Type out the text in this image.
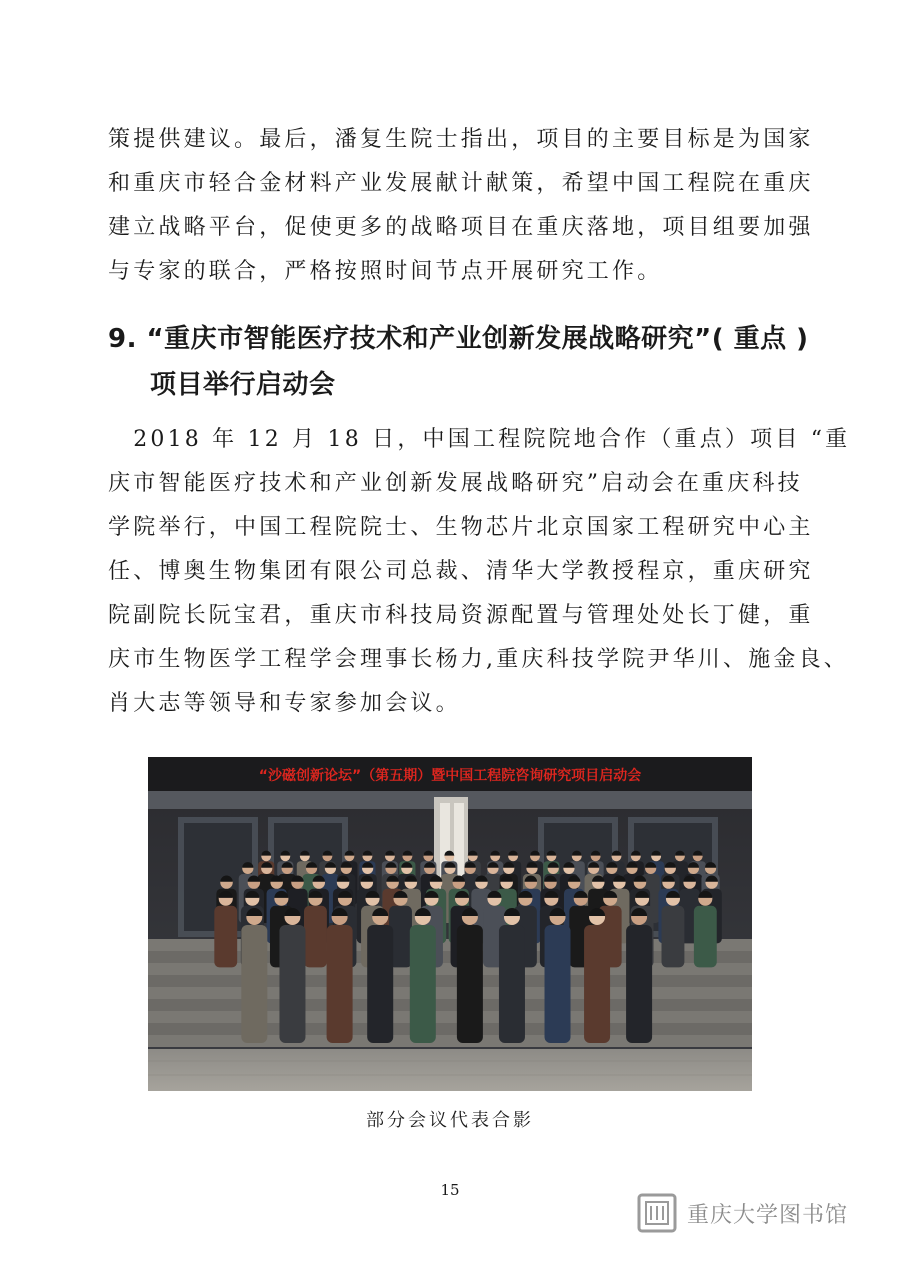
策提供建议。最后，潘复生院士指出，项目的主要目标是为国家
和重庆市轻合金材料产业发展献计献策，希望中国工程院在重庆
建立战略平台，促使更多的战略项目在重庆落地，项目组要加强
与专家的联合，严格按照时间节点开展研究工作。
9. “重庆市智能医疗技术和产业创新发展战略研究”( 重点 )
项目举行启动会
　2018 年 12 月 18 日，中国工程院院地合作（重点）项目 “重
庆市智能医疗技术和产业创新发展战略研究”启动会在重庆科技
学院举行，中国工程院院士、生物芯片北京国家工程研究中心主
任、博奥生物集团有限公司总裁、清华大学教授程京，重庆研究
院副院长阮宝君，重庆市科技局资源配置与管理处处长丁健，重
庆市生物医学工程学会理事长杨力,重庆科技学院尹华川、施金良、
肖大志等领导和专家参加会议。
“沙磁创新论坛”（第五期）暨中国工程院咨询研究项目启动会
部分会议代表合影
15
重庆大学图书馆
